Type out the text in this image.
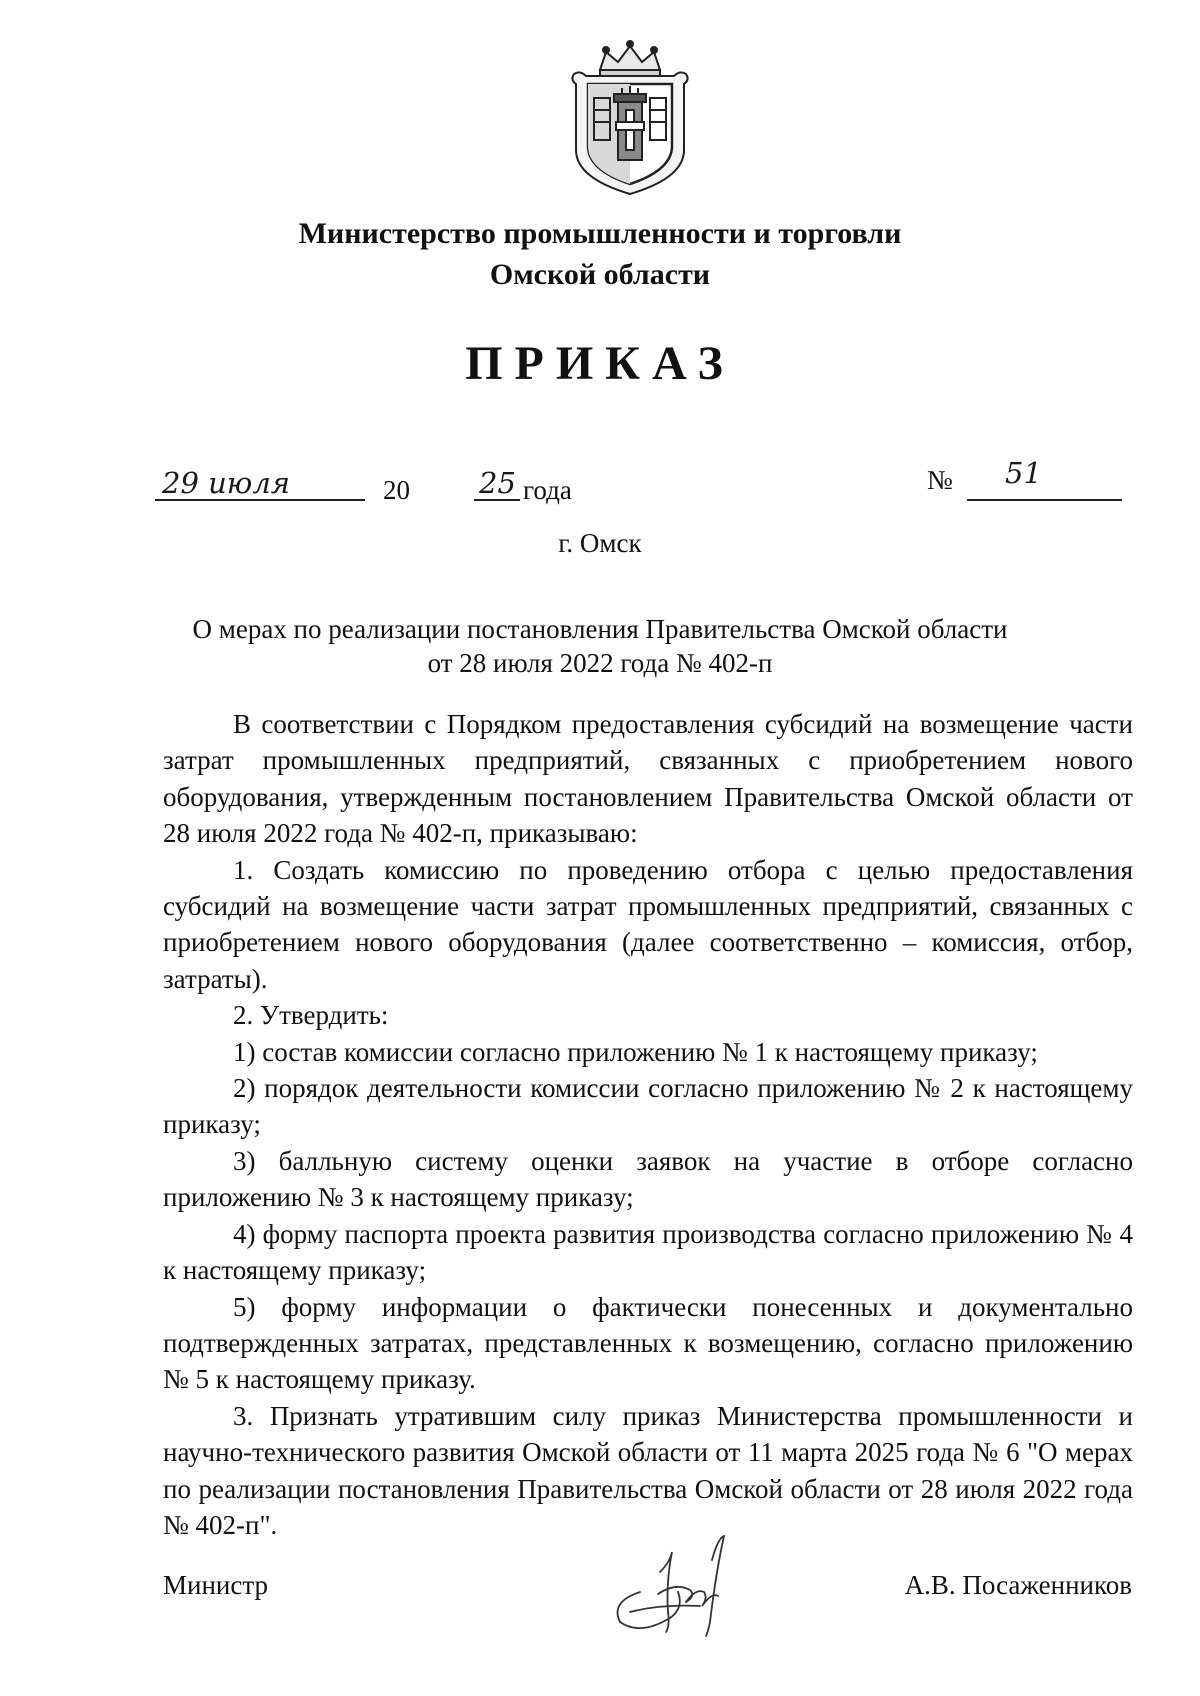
Министерство промышленности и торговли
Омской области
ПРИКАЗ
29 июля	20 25 года	№ 51
г. Омск
О мерах по реализации постановления Правительства Омской области
от 28 июля 2022 года № 402-п

В соответствии с Порядком предоставления субсидий на возмещение части затрат промышленных предприятий, связанных с приобретением нового оборудования, утвержденным постановлением Правительства Омской области от 28 июля 2022 года № 402-п, приказываю:

1. Создать комиссию по проведению отбора с целью предоставления субсидий на возмещение части затрат промышленных предприятий, связанных с приобретением нового оборудования (далее соответственно – комиссия, отбор, затраты).

2. Утвердить:

1) состав комиссии согласно приложению № 1 к настоящему приказу;

2) порядок деятельности комиссии согласно приложению № 2 к настоящему приказу;

3) балльную систему оценки заявок на участие в отборе согласно приложению № 3 к настоящему приказу;

4) форму паспорта проекта развития производства согласно приложению № 4 к настоящему приказу;

5) форму информации о фактически понесенных и документально подтвержденных затратах, представленных к возмещению, согласно приложению № 5 к настоящему приказу.

3. Признать утратившим силу приказ Министерства промышленности и научно-технического развития Омской области от 11 марта 2025 года № 6 "О мерах по реализации постановления Правительства Омской области от 28 июля 2022 года № 402-п".

Министр	А.В. Посаженников
